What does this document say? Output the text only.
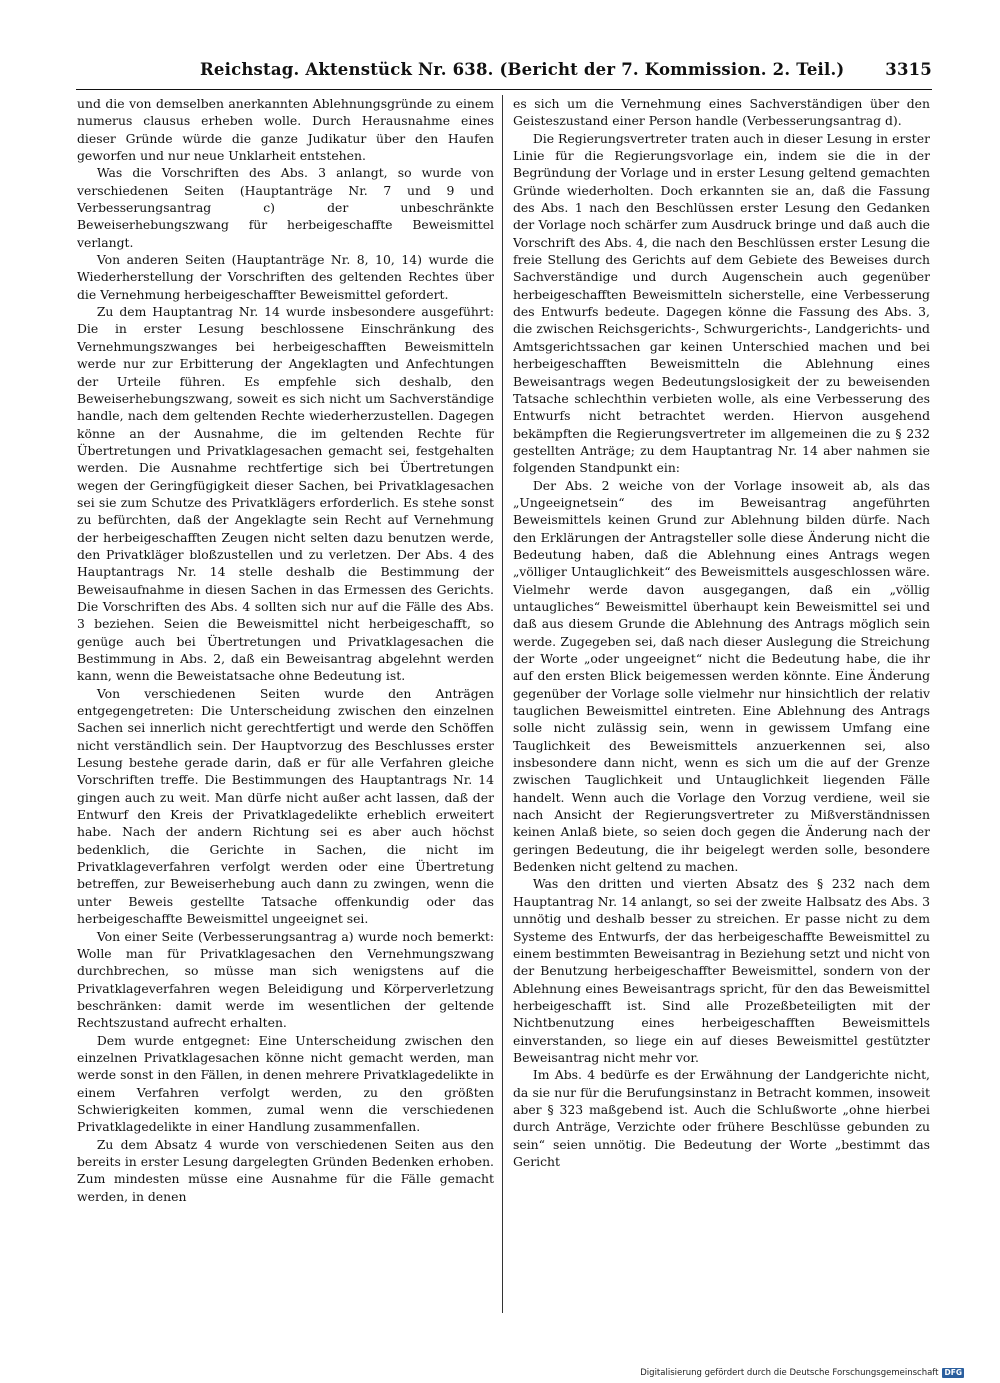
Reichstag. Aktenstück Nr. 638. (Bericht der 7. Kommission. 2. Teil.) 3315

und die von demselben anerkannten Ablehnungsgründe zu einem numerus clausus erheben wolle. Durch Herausnahme eines dieser Gründe würde die ganze Judikatur über den Haufen geworfen und nur neue Unklarheit entstehen.

Was die Vorschriften des Abs. 3 anlangt, so wurde von verschiedenen Seiten (Hauptanträge Nr. 7 und 9 und Verbesserungsantrag c) der unbeschränkte Beweiserhebungszwang für herbeigeschaffte Beweismittel verlangt.

Von anderen Seiten (Hauptanträge Nr. 8, 10, 14) wurde die Wiederherstellung der Vorschriften des geltenden Rechtes über die Vernehmung herbeigeschaffter Beweismittel gefordert.

Zu dem Hauptantrag Nr. 14 wurde insbesondere ausgeführt: Die in erster Lesung beschlossene Einschränkung des Vernehmungszwanges bei herbeigeschafften Beweismitteln werde nur zur Erbitterung der Angeklagten und Anfechtungen der Urteile führen. Es empfehle sich deshalb, den Beweiserhebungszwang, soweit es sich nicht um Sachverständige handle, nach dem geltenden Rechte wiederherzustellen. Dagegen könne an der Ausnahme, die im geltenden Rechte für Übertretungen und Privatklagesachen gemacht sei, festgehalten werden. Die Ausnahme rechtfertige sich bei Übertretungen wegen der Geringfügigkeit dieser Sachen, bei Privatklagesachen sei sie zum Schutze des Privatklägers erforderlich. Es stehe sonst zu befürchten, daß der Angeklagte sein Recht auf Vernehmung der herbeigeschafften Zeugen nicht selten dazu benutzen werde, den Privatkläger bloßzustellen und zu verletzen. Der Abs. 4 des Hauptantrags Nr. 14 stelle deshalb die Bestimmung der Beweisaufnahme in diesen Sachen in das Ermessen des Gerichts. Die Vorschriften des Abs. 4 sollten sich nur auf die Fälle des Abs. 3 beziehen. Seien die Beweismittel nicht herbeigeschafft, so genüge auch bei Übertretungen und Privatklagesachen die Bestimmung in Abs. 2, daß ein Beweisantrag abgelehnt werden kann, wenn die Beweistatsache ohne Bedeutung ist.

Von verschiedenen Seiten wurde den Anträgen entgegengetreten: Die Unterscheidung zwischen den einzelnen Sachen sei innerlich nicht gerechtfertigt und werde den Schöffen nicht verständlich sein. Der Hauptvorzug des Beschlusses erster Lesung bestehe gerade darin, daß er für alle Verfahren gleiche Vorschriften treffe. Die Bestimmungen des Hauptantrags Nr. 14 gingen auch zu weit. Man dürfe nicht außer acht lassen, daß der Entwurf den Kreis der Privatklagedelikte erheblich erweitert habe. Nach der andern Richtung sei es aber auch höchst bedenklich, die Gerichte in Sachen, die nicht im Privatklageverfahren verfolgt werden oder eine Übertretung betreffen, zur Beweiserhebung auch dann zu zwingen, wenn die unter Beweis gestellte Tatsache offenkundig oder das herbeigeschaffte Beweismittel ungeeignet sei.

Von einer Seite (Verbesserungsantrag a) wurde noch bemerkt: Wolle man für Privatklagesachen den Vernehmungszwang durchbrechen, so müsse man sich wenigstens auf die Privatklageverfahren wegen Beleidigung und Körperverletzung beschränken: damit werde im wesentlichen der geltende Rechtszustand aufrecht erhalten.

Dem wurde entgegnet: Eine Unterscheidung zwischen den einzelnen Privatklagesachen könne nicht gemacht werden, man werde sonst in den Fällen, in denen mehrere Privatklagedelikte in einem Verfahren verfolgt werden, zu den größten Schwierigkeiten kommen, zumal wenn die verschiedenen Privatklagedelikte in einer Handlung zusammenfallen.

Zu dem Absatz 4 wurde von verschiedenen Seiten aus den bereits in erster Lesung dargelegten Gründen Bedenken erhoben. Zum mindesten müsse eine Ausnahme für die Fälle gemacht werden, in denen

es sich um die Vernehmung eines Sachverständigen über den Geisteszustand einer Person handle (Verbesserungsantrag d).

Die Regierungsvertreter traten auch in dieser Lesung in erster Linie für die Regierungsvorlage ein, indem sie die in der Begründung der Vorlage und in erster Lesung geltend gemachten Gründe wiederholten. Doch erkannten sie an, daß die Fassung des Abs. 1 nach den Beschlüssen erster Lesung den Gedanken der Vorlage noch schärfer zum Ausdruck bringe und daß auch die Vorschrift des Abs. 4, die nach den Beschlüssen erster Lesung die freie Stellung des Gerichts auf dem Gebiete des Beweises durch Sachverständige und durch Augenschein auch gegenüber herbeigeschafften Beweismitteln sicherstelle, eine Verbesserung des Entwurfs bedeute. Dagegen könne die Fassung des Abs. 3, die zwischen Reichsgerichts-, Schwurgerichts-, Landgerichts- und Amtsgerichtssachen gar keinen Unterschied machen und bei herbeigeschafften Beweismitteln die Ablehnung eines Beweisantrags wegen Bedeutungslosigkeit der zu beweisenden Tatsache schlechthin verbieten wolle, als eine Verbesserung des Entwurfs nicht betrachtet werden. Hiervon ausgehend bekämpften die Regierungsvertreter im allgemeinen die zu § 232 gestellten Anträge; zu dem Hauptantrag Nr. 14 aber nahmen sie folgenden Standpunkt ein:

Der Abs. 2 weiche von der Vorlage insoweit ab, als das „Ungeeignetsein“ des im Beweisantrag angeführten Beweismittels keinen Grund zur Ablehnung bilden dürfe. Nach den Erklärungen der Antragsteller solle diese Änderung nicht die Bedeutung haben, daß die Ablehnung eines Antrags wegen „völliger Untauglichkeit“ des Beweismittels ausgeschlossen wäre. Vielmehr werde davon ausgegangen, daß ein „völlig untaugliches“ Beweismittel überhaupt kein Beweismittel sei und daß aus diesem Grunde die Ablehnung des Antrags möglich sein werde. Zugegeben sei, daß nach dieser Auslegung die Streichung der Worte „oder ungeeignet“ nicht die Bedeutung habe, die ihr auf den ersten Blick beigemessen werden könnte. Eine Änderung gegenüber der Vorlage solle vielmehr nur hinsichtlich der relativ tauglichen Beweismittel eintreten. Eine Ablehnung des Antrags solle nicht zulässig sein, wenn in gewissem Umfang eine Tauglichkeit des Beweismittels anzuerkennen sei, also insbesondere dann nicht, wenn es sich um die auf der Grenze zwischen Tauglichkeit und Untauglichkeit liegenden Fälle handelt. Wenn auch die Vorlage den Vorzug verdiene, weil sie nach Ansicht der Regierungsvertreter zu Mißverständnissen keinen Anlaß biete, so seien doch gegen die Änderung nach der geringen Bedeutung, die ihr beigelegt werden solle, besondere Bedenken nicht geltend zu machen.

Was den dritten und vierten Absatz des § 232 nach dem Hauptantrag Nr. 14 anlangt, so sei der zweite Halbsatz des Abs. 3 unnötig und deshalb besser zu streichen. Er passe nicht zu dem Systeme des Entwurfs, der das herbeigeschaffte Beweismittel zu einem bestimmten Beweisantrag in Beziehung setzt und nicht von der Benutzung herbeigeschaffter Beweismittel, sondern von der Ablehnung eines Beweisantrags spricht, für den das Beweismittel herbeigeschafft ist. Sind alle Prozeßbeteiligten mit der Nichtbenutzung eines herbeigeschafften Beweismittels einverstanden, so liege ein auf dieses Beweismittel gestützter Beweisantrag nicht mehr vor.

Im Abs. 4 bedürfe es der Erwähnung der Landgerichte nicht, da sie nur für die Berufungsinstanz in Betracht kommen, insoweit aber § 323 maßgebend ist. Auch die Schlußworte „ohne hierbei durch Anträge, Verzichte oder frühere Beschlüsse gebunden zu sein“ seien unnötig. Die Bedeutung der Worte „bestimmt das Gericht

Digitalisierung gefördert durch die Deutsche Forschungsgemeinschaft DFG
